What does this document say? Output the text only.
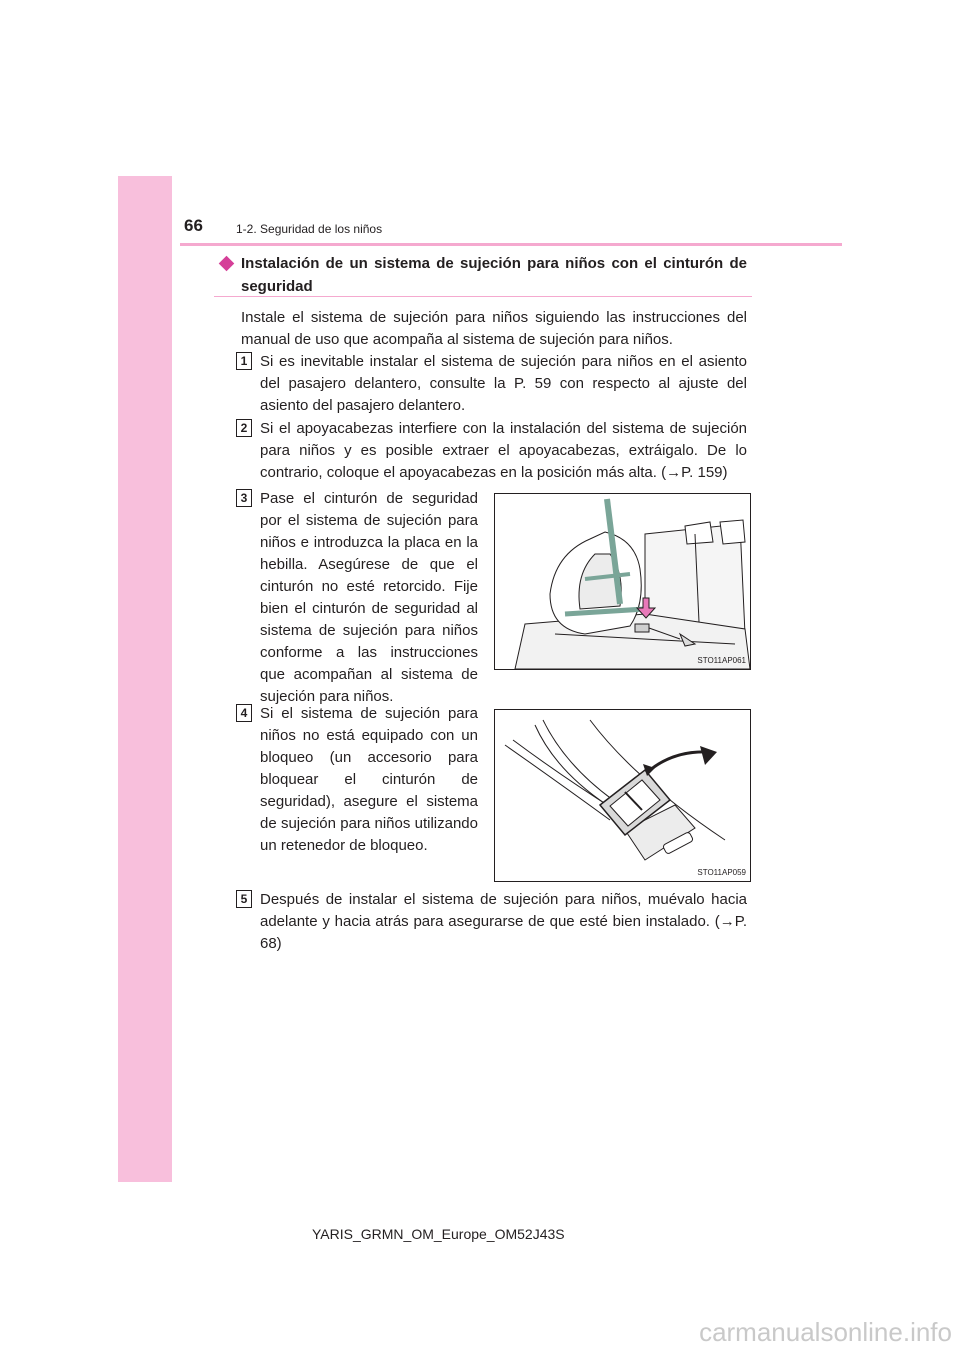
66	1-2. Seguridad de los niños
Instalación de un sistema de sujeción para niños con el cinturón de seguridad
Instale el sistema de sujeción para niños siguiendo las instrucciones del manual de uso que acompaña al sistema de sujeción para niños.
1 Si es inevitable instalar el sistema de sujeción para niños en el asiento del pasajero delantero, consulte la P. 59 con respecto al ajuste del asiento del pasajero delantero.
2 Si el apoyacabezas interfiere con la instalación del sistema de sujeción para niños y es posible extraer el apoyacabezas, extráigalo. De lo contrario, coloque el apoyacabezas en la posición más alta. (→P. 159)
3 Pase el cinturón de seguridad por el sistema de sujeción para niños e introduzca la placa en la hebilla. Asegúrese de que el cinturón no esté retorcido. Fije bien el cinturón de seguridad al sistema de sujeción para niños conforme a las instrucciones que acompañan al sistema de sujeción para niños.
STO11AP061
4 Si el sistema de sujeción para niños no está equipado con un bloqueo (un accesorio para bloquear el cinturón de seguridad), asegure el sistema de sujeción para niños utilizando un retenedor de bloqueo.
STO11AP059
5 Después de instalar el sistema de sujeción para niños, muévalo hacia adelante y hacia atrás para asegurarse de que esté bien instalado. (→P. 68)
YARIS_GRMN_OM_Europe_OM52J43S
carmanualsonline.info
